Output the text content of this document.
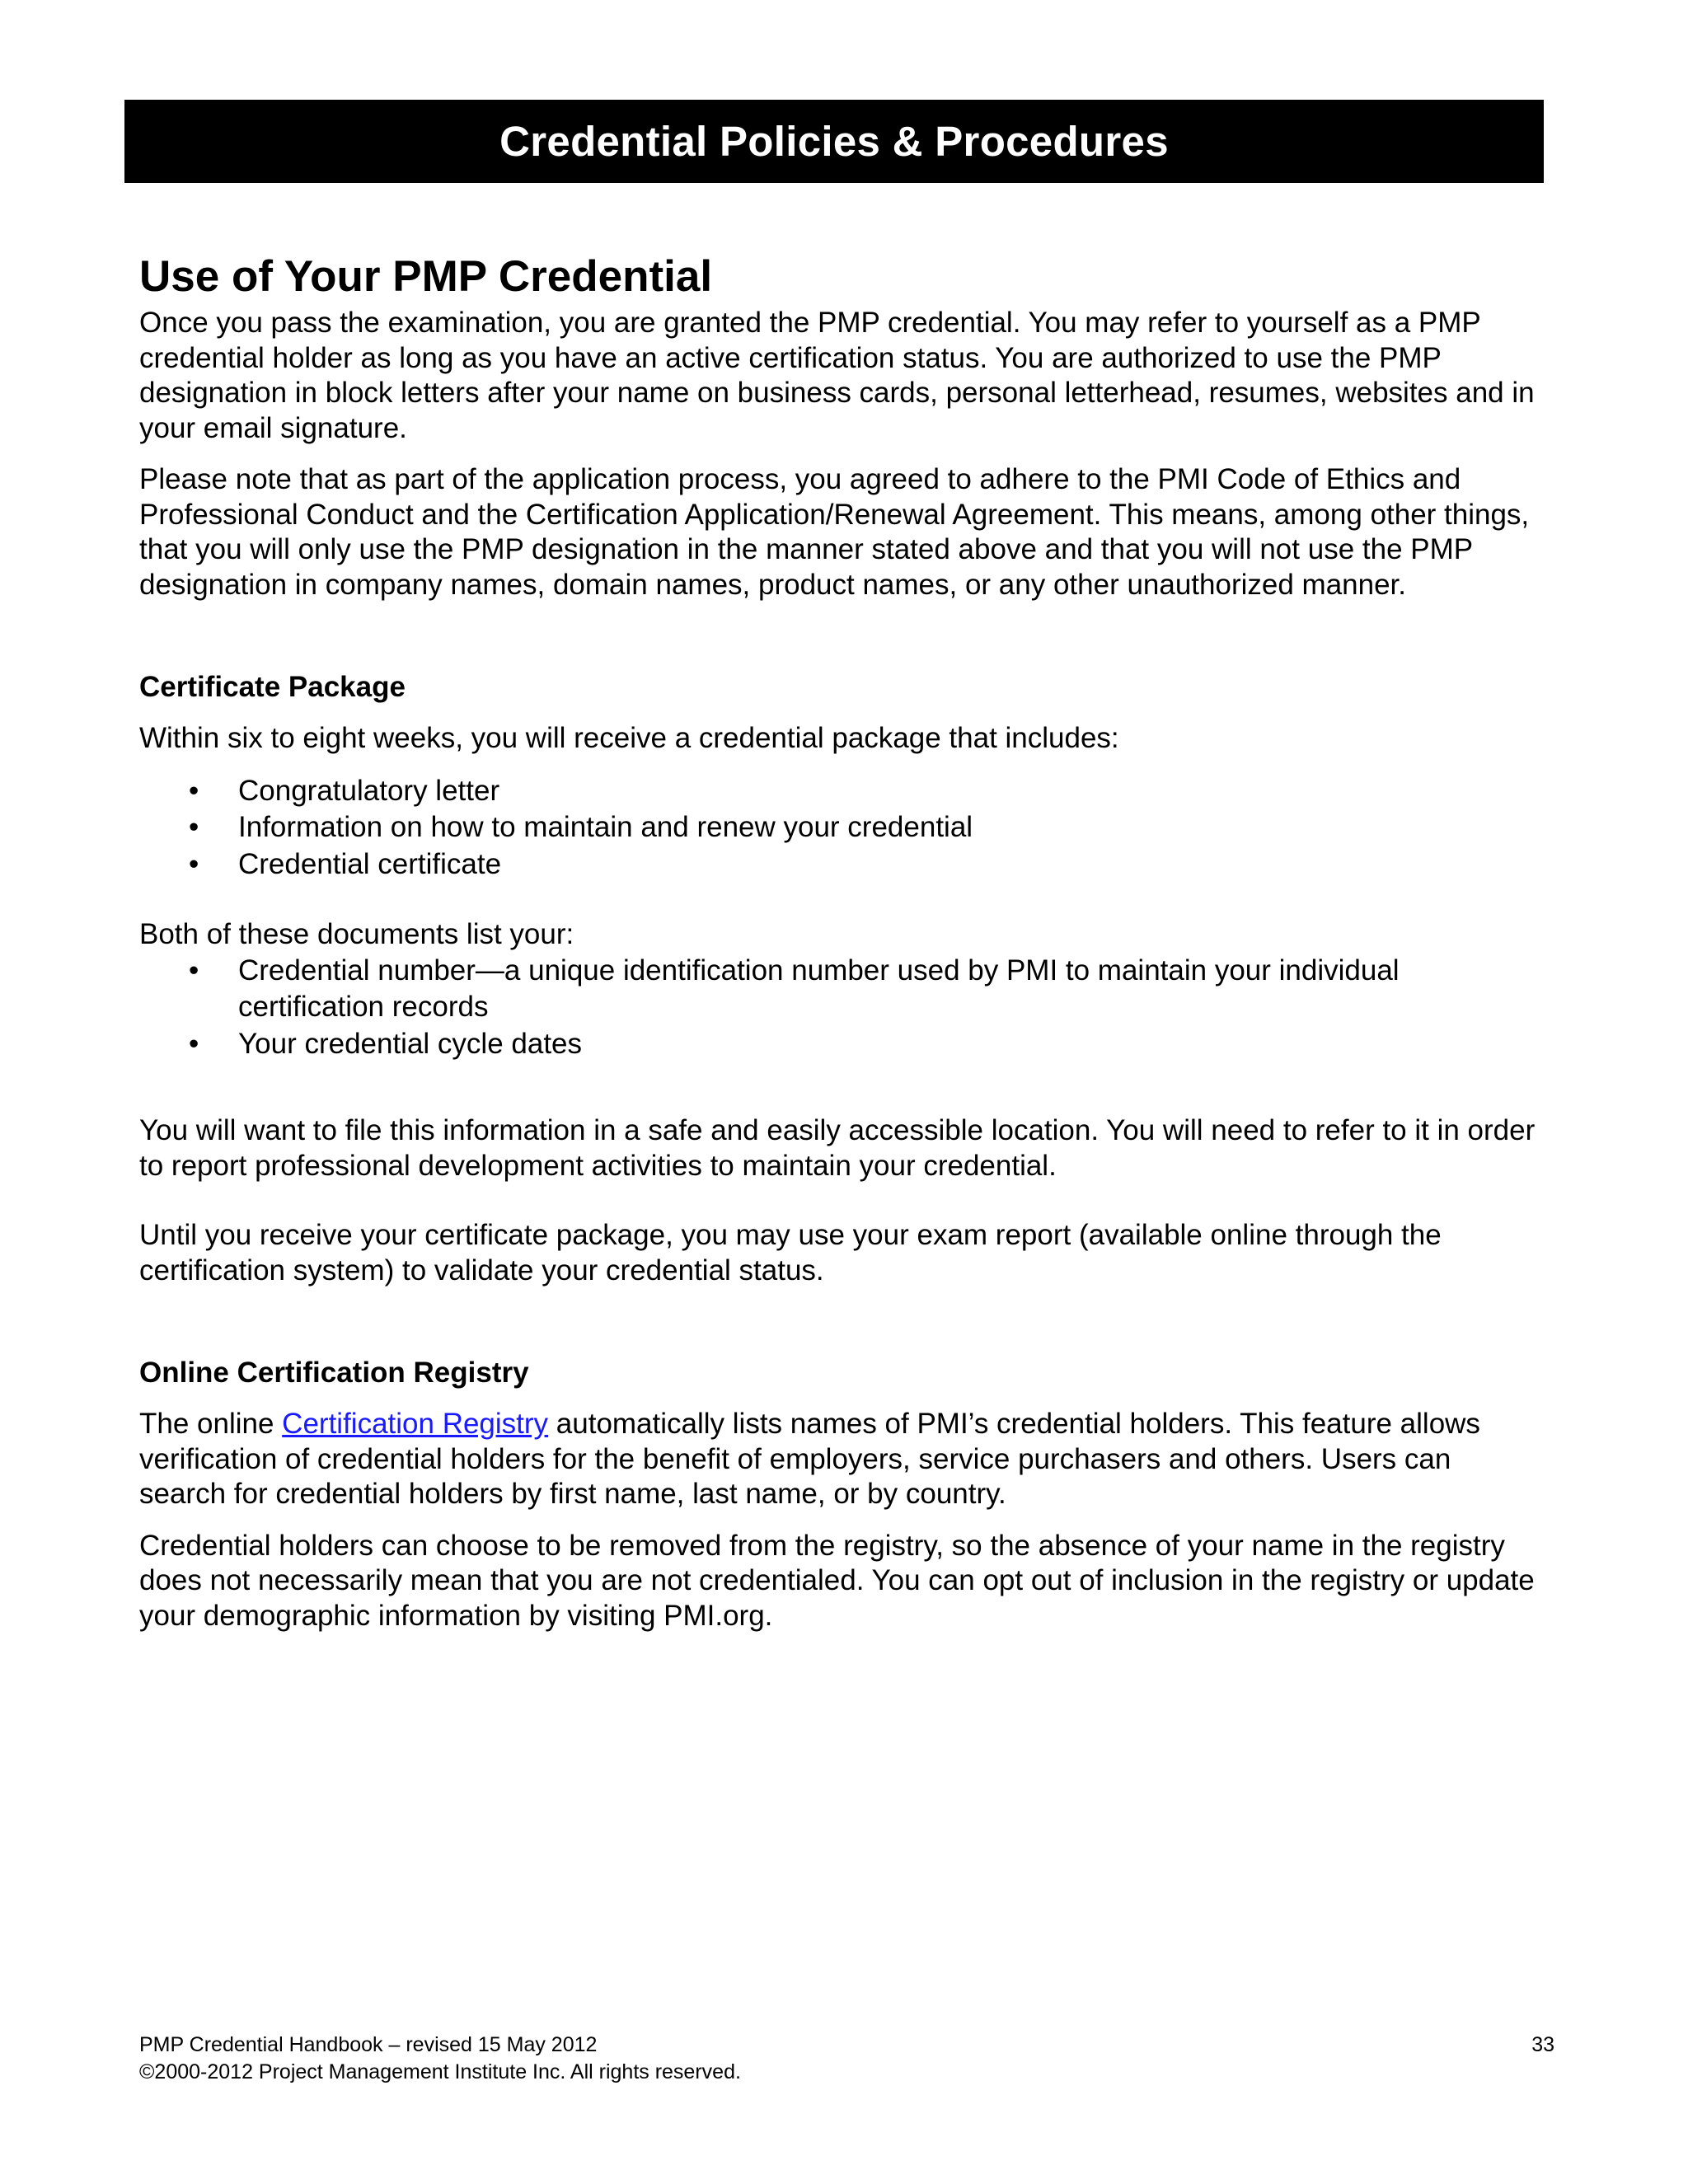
Credential Policies & Procedures
Use of Your PMP Credential

Once you pass the examination, you are granted the PMP credential. You may refer to yourself as a PMP credential holder as long as you have an active certification status. You are authorized to use the PMP designation in block letters after your name on business cards, personal letterhead, resumes, websites and in your email signature.

Please note that as part of the application process, you agreed to adhere to the PMI Code of Ethics and Professional Conduct and the Certification Application/Renewal Agreement. This means, among other things, that you will only use the PMP designation in the manner stated above and that you will not use the PMP designation in company names, domain names, product names, or any other unauthorized manner.

Certificate Package

Within six to eight weeks, you will receive a credential package that includes:

• Congratulatory letter
• Information on how to maintain and renew your credential
• Credential certificate

Both of these documents list your:

• Credential number—a unique identification number used by PMI to maintain your individual certification records
• Your credential cycle dates

You will want to file this information in a safe and easily accessible location. You will need to refer to it in order to report professional development activities to maintain your credential.

Until you receive your certificate package, you may use your exam report (available online through the certification system) to validate your credential status.

Online Certification Registry

The online Certification Registry automatically lists names of PMI’s credential holders. This feature allows verification of credential holders for the benefit of employers, service purchasers and others. Users can search for credential holders by first name, last name, or by country.

Credential holders can choose to be removed from the registry, so the absence of your name in the registry does not necessarily mean that you are not credentialed. You can opt out of inclusion in the registry or update your demographic information by visiting PMI.org.

PMP Credential Handbook – revised 15 May 2012	33
©2000-2012 Project Management Institute Inc. All rights reserved.
